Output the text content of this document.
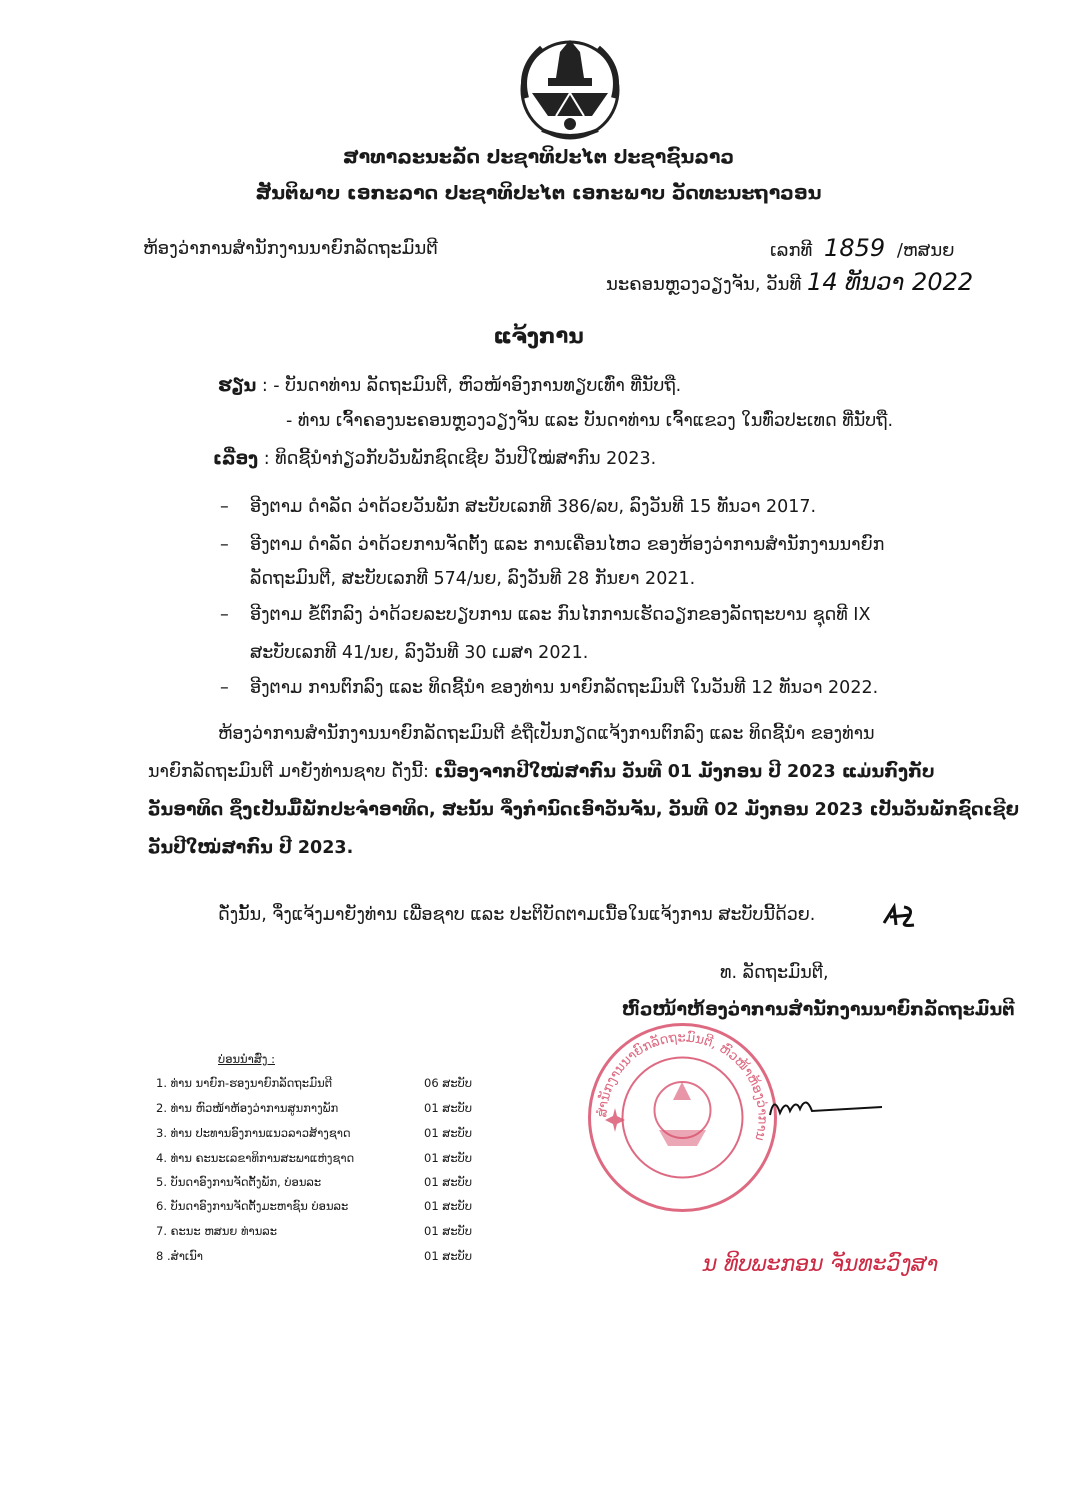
ສາທາລະນະລັດ ປະຊາທິປະໄຕ ປະຊາຊົນລາວ
ສັນຕິພາບ ເອກະລາດ ປະຊາທິປະໄຕ ເອກະພາບ ວັດທະນະຖາວອນ
ຫ້ອງວ່າການສຳນັກງານນາຍົກລັດຖະມົນຕີ	ເລກທີ 1859 /ຫສນຍ
ນະຄອນຫຼວງວຽງຈັນ, ວັນທີ 14 ທັນວາ 2022
ແຈ້ງການ
ຮຽນ : - ບັນດາທ່ານ ລັດຖະມົນຕີ, ຫົວໜ້າອົງການທຽບເທົ່າ ທີ່ນັບຖື.
- ທ່ານ ເຈົ້າຄອງນະຄອນຫຼວງວຽງຈັນ ແລະ ບັນດາທ່ານ ເຈົ້າແຂວງ ໃນທົ່ວປະເທດ ທີ່ນັບຖື.
ເລື່ອງ : ທິດຊີ້ນຳກ່ຽວກັບວັນພັກຊົດເຊີຍ ວັນປີໃໝ່ສາກົນ 2023.
– ອີງຕາມ ດຳລັດ ວ່າດ້ວຍວັນພັກ ສະບັບເລກທີ 386/ລບ, ລົງວັນທີ 15 ທັນວາ 2017.
– ອີງຕາມ ດຳລັດ ວ່າດ້ວຍການຈັດຕັ້ງ ແລະ ການເຄື່ອນໄຫວ ຂອງຫ້ອງວ່າການສຳນັກງານນາຍົກ
ລັດຖະມົນຕີ, ສະບັບເລກທີ 574/ນຍ, ລົງວັນທີ 28 ກັນຍາ 2021.
– ອີງຕາມ ຂໍ້ຕົກລົງ ວ່າດ້ວຍລະບຽບການ ແລະ ກົນໄກການເຮັດວຽກຂອງລັດຖະບານ ຊຸດທີ IX
ສະບັບເລກທີ 41/ນຍ, ລົງວັນທີ 30 ເມສາ 2021.
– ອີງຕາມ ການຕົກລົງ ແລະ ທິດຊີ້ນຳ ຂອງທ່ານ ນາຍົກລັດຖະມົນຕີ ໃນວັນທີ 12 ທັນວາ 2022.
ຫ້ອງວ່າການສຳນັກງານນາຍົກລັດຖະມົນຕີ ຂໍຖືເປັນກຽດແຈ້ງການຕົກລົງ ແລະ ທິດຊີ້ນຳ ຂອງທ່ານ
ນາຍົກລັດຖະມົນຕີ ມາຍັງທ່ານຊາບ ດັ່ງນີ້: ເນື່ອງຈາກປີໃໝ່ສາກົນ ວັນທີ 01 ມັງກອນ ປີ 2023 ແມ່ນກົງກັບ
ວັນອາທິດ ຊຶ່ງເປັນມື້ພັກປະຈຳອາທິດ, ສະນັ້ນ ຈຶ່ງກຳນົດເອົາວັນຈັນ, ວັນທີ 02 ມັງກອນ 2023 ເປັນວັນພັກຊົດເຊີຍ
ວັນປີໃໝ່ສາກົນ ປີ 2023.
ດັ່ງນັ້ນ, ຈຶ່ງແຈ້ງມາຍັງທ່ານ ເພື່ອຊາບ ແລະ ປະຕິບັດຕາມເນື້ອໃນແຈ້ງການ ສະບັບນີ້ດ້ວຍ.
ທ. ລັດຖະມົນຕີ,
ຫົວໜ້າຫ້ອງວ່າການສຳນັກງານນາຍົກລັດຖະມົນຕີ
ສຳນັກງານນາຍົກລັດຖະມົນຕີ, ຫົວໜ້າຫ້ອງວ່າການ
ນ ທິບພະກອນ ຈັນທະວົງສາ
ບ່ອນນຳສົ່ງ :
1. ທ່ານ ນາຍົກ-ຮອງນາຍົກລັດຖະມົນຕີ	06 ສະບັບ
2. ທ່ານ ຫົວໜ້າຫ້ອງວ່າການສູນກາງພັກ	01 ສະບັບ
3. ທ່ານ ປະທານອົງການແນວລາວສ້າງຊາດ	01 ສະບັບ
4. ທ່ານ ຄະນະເລຂາທິການສະພາແຫ່ງຊາດ	01 ສະບັບ
5. ບັນດາອົງການຈັດຕັ້ງພັກ, ບ່ອນລະ	01 ສະບັບ
6. ບັນດາອົງການຈັດຕັ້ງມະຫາຊົນ ບ່ອນລະ	01 ສະບັບ
7. ຄະນະ ຫສນຍ ທ່ານລະ	01 ສະບັບ
8 .ສຳເນົາ	01 ສະບັບ
